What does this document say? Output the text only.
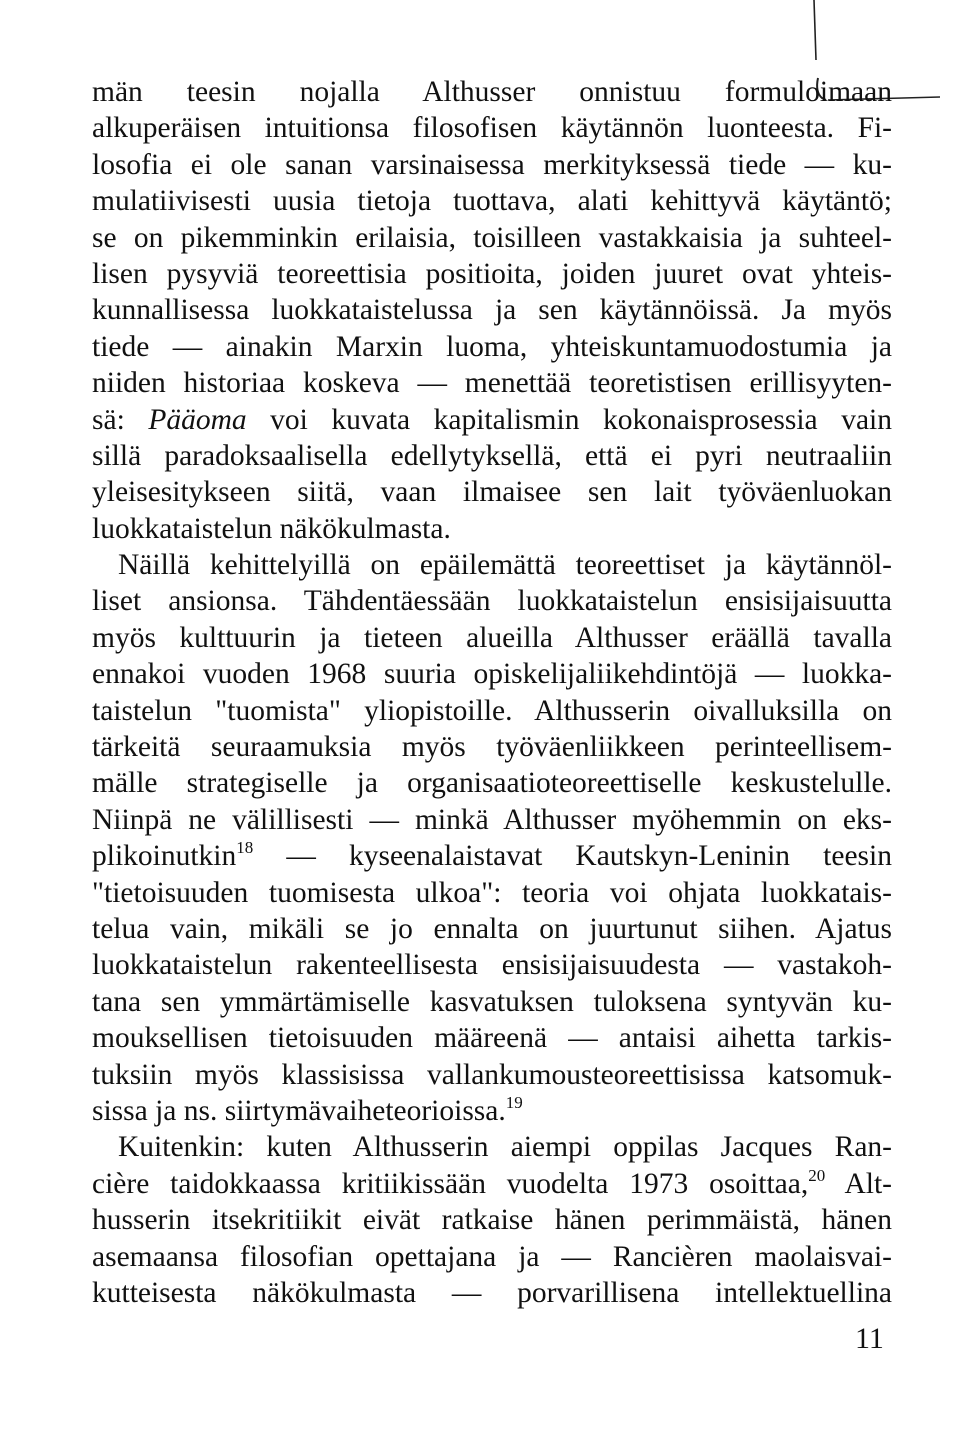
män teesin nojalla Althusser onnistuu formuloimaan
alkuperäisen intuitionsa filosofisen käytännön luonteesta. Fi-
losofia ei ole sanan varsinaisessa merkityksessä tiede — ku-
mulatiivisesti uusia tietoja tuottava, alati kehittyvä käytäntö;
se on pikemminkin erilaisia, toisilleen vastakkaisia ja suhteel-
lisen pysyviä teoreettisia positioita, joiden juuret ovat yhteis-
kunnallisessa luokkataistelussa ja sen käytännöissä. Ja myös
tiede — ainakin Marxin luoma, yhteiskuntamuodostumia ja
niiden historiaa koskeva — menettää teoretistisen erillisyyten-
sä: Pääoma voi kuvata kapitalismin kokonaisprosessia vain
sillä paradoksaalisella edellytyksellä, että ei pyri neutraaliin
yleisesitykseen siitä, vaan ilmaisee sen lait työväenluokan
luokkataistelun näkökulmasta.
Näillä kehittelyillä on epäilemättä teoreettiset ja käytännöl-
liset ansionsa. Tähdentäessään luokkataistelun ensisijaisuutta
myös kulttuurin ja tieteen alueilla Althusser eräällä tavalla
ennakoi vuoden 1968 suuria opiskelijaliikehdintöjä — luokka-
taistelun "tuomista" yliopistoille. Althusserin oivalluksilla on
tärkeitä seuraamuksia myös työväenliikkeen perinteellisem-
mälle strategiselle ja organisaatioteoreettiselle keskustelulle.
Niinpä ne välillisesti — minkä Althusser myöhemmin on eks-
plikoinutkin$^{18}$ — kyseenalaistavat Kautskyn-Leninin teesin
"tietoisuuden tuomisesta ulkoa": teoria voi ohjata luokkatais-
telua vain, mikäli se jo ennalta on juurtunut siihen. Ajatus
luokkataistelun rakenteellisesta ensisijaisuudesta — vastakoh-
tana sen ymmärtämiselle kasvatuksen tuloksena syntyvän ku-
mouksellisen tietoisuuden määreenä — antaisi aihetta tarkis-
tuksiin myös klassisissa vallankumousteoreettisissa katsomuk-
sissa ja ns. siirtymävaiheteorioissa.$^{19}$
Kuitenkin: kuten Althusserin aiempi oppilas Jacques Ran-
cière taidokkaassa kritiikissään vuodelta 1973 osoittaa,$^{20}$ Alt-
husserin itsekritiikit eivät ratkaise hänen perimmäistä, hänen
asemaansa filosofian opettajana ja — Rancièren maolaisvai-
kutteisesta näkökulmasta — porvarillisena intellektuellina
11
